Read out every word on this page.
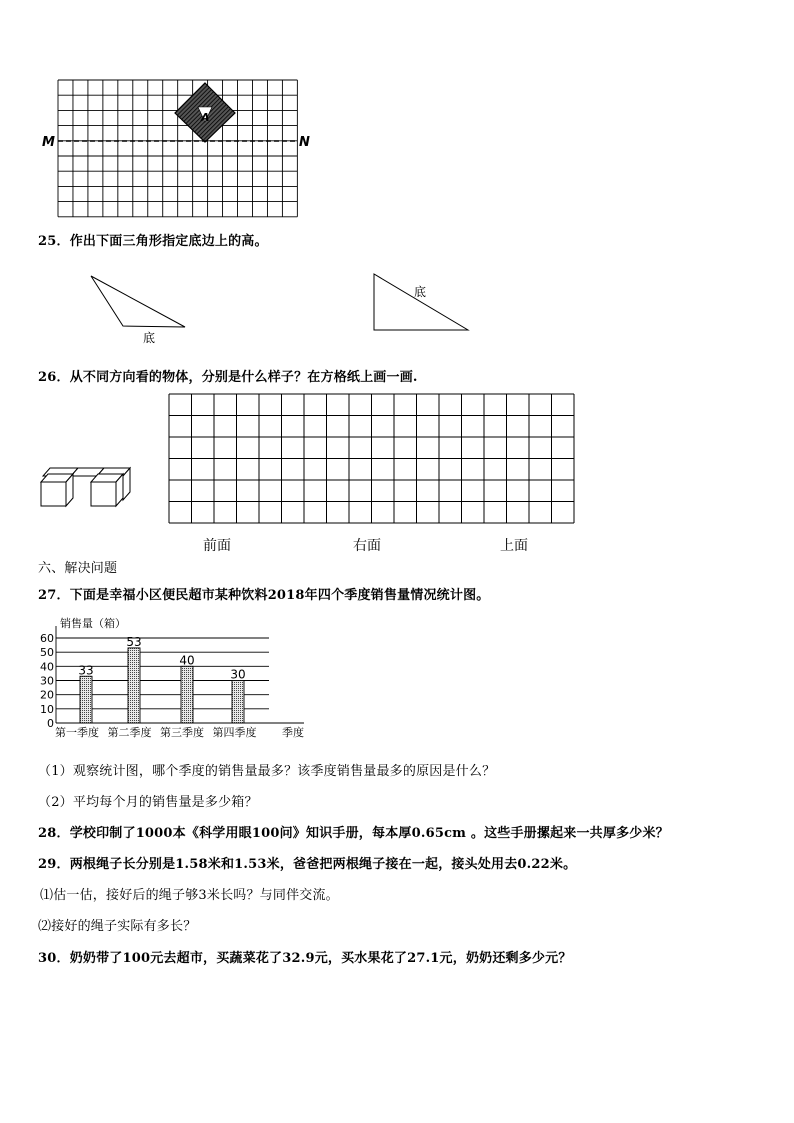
A
M	N
25．作出下面三角形指定底边上的高。
底
底
26．从不同方向看的物体，分别是什么样子？在方格纸上画一画.
前面	右面	上面
六、解决问题
27．下面是幸福小区便民超市某种饮料2018年四个季度销售量情况统计图。
销售量（箱）
0
10
20
30
40
50
60
33
53
40
30
第一季度 第二季度 第三季度 第四季度 季度
（1）观察统计图，哪个季度的销售量最多？该季度销售量最多的原因是什么？
（2）平均每个月的销售量是多少箱？
28．学校印制了1000本《科学用眼100问》知识手册，每本厚0.65cm 。这些手册摞起来一共厚多少米？
29．两根绳子长分别是1.58米和1.53米，爸爸把两根绳子接在一起，接头处用去0.22米。
⑴估一估，接好后的绳子够3米长吗？与同伴交流。
⑵接好的绳子实际有多长？
30．奶奶带了100元去超市，买蔬菜花了32.9元，买水果花了27.1元，奶奶还剩多少元？
